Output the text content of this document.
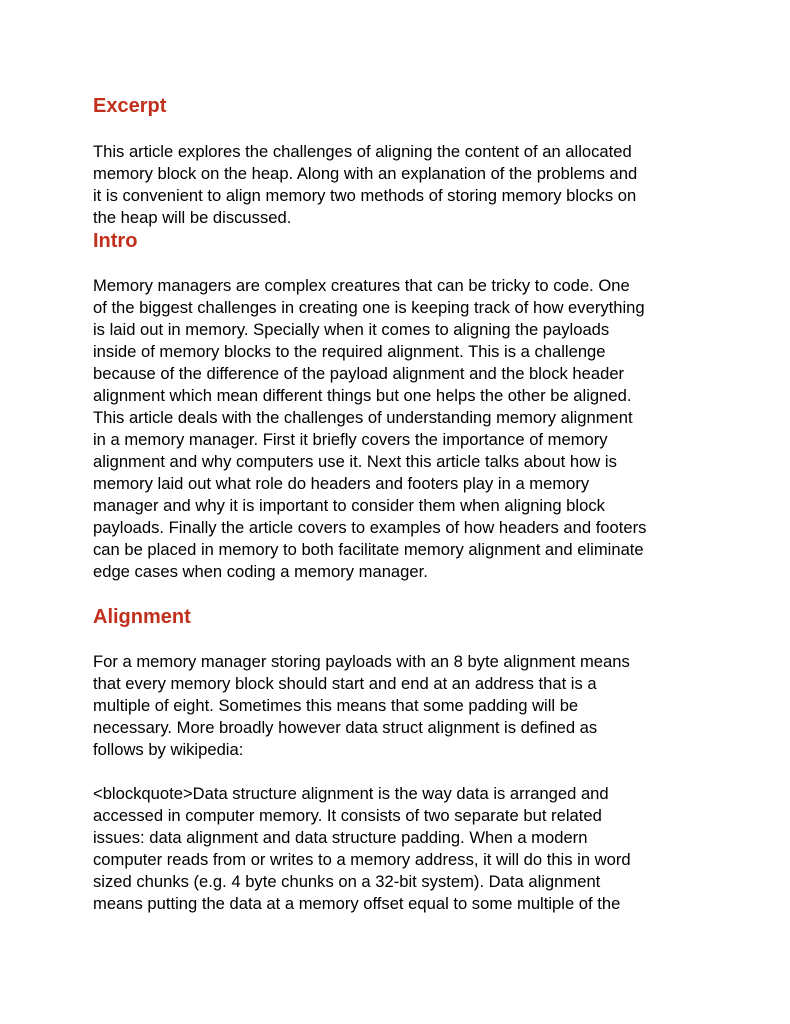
Excerpt

This article explores the challenges of aligning the content of an allocated
memory block on the heap. Along with an explanation of the problems and
it is convenient to align memory two methods of storing memory blocks on
the heap will be discussed.

Intro

Memory managers are complex creatures that can be tricky to code. One
of the biggest challenges in creating one is keeping track of how everything
is laid out in memory. Specially when it comes to aligning the payloads
inside of memory blocks to the required alignment. This is a challenge
because of the difference of the payload alignment and the block header
alignment which mean different things but one helps the other be aligned.
This article deals with the challenges of understanding memory alignment
in a memory manager. First it briefly covers the importance of memory
alignment and why computers use it. Next this article talks about how is
memory laid out what role do headers and footers play in a memory
manager and why it is important to consider them when aligning block
payloads. Finally the article covers to examples of how headers and footers
can be placed in memory to both facilitate memory alignment and eliminate
edge cases when coding a memory manager.

Alignment

For a memory manager storing payloads with an 8 byte alignment means
that every memory block should start and end at an address that is a
multiple of eight. Sometimes this means that some padding will be
necessary. More broadly however data struct alignment is defined as
follows by wikipedia:

<blockquote>Data structure alignment is the way data is arranged and
accessed in computer memory. It consists of two separate but related
issues: data alignment and data structure padding. When a modern
computer reads from or writes to a memory address, it will do this in word
sized chunks (e.g. 4 byte chunks on a 32-bit system). Data alignment
means putting the data at a memory offset equal to some multiple of the
